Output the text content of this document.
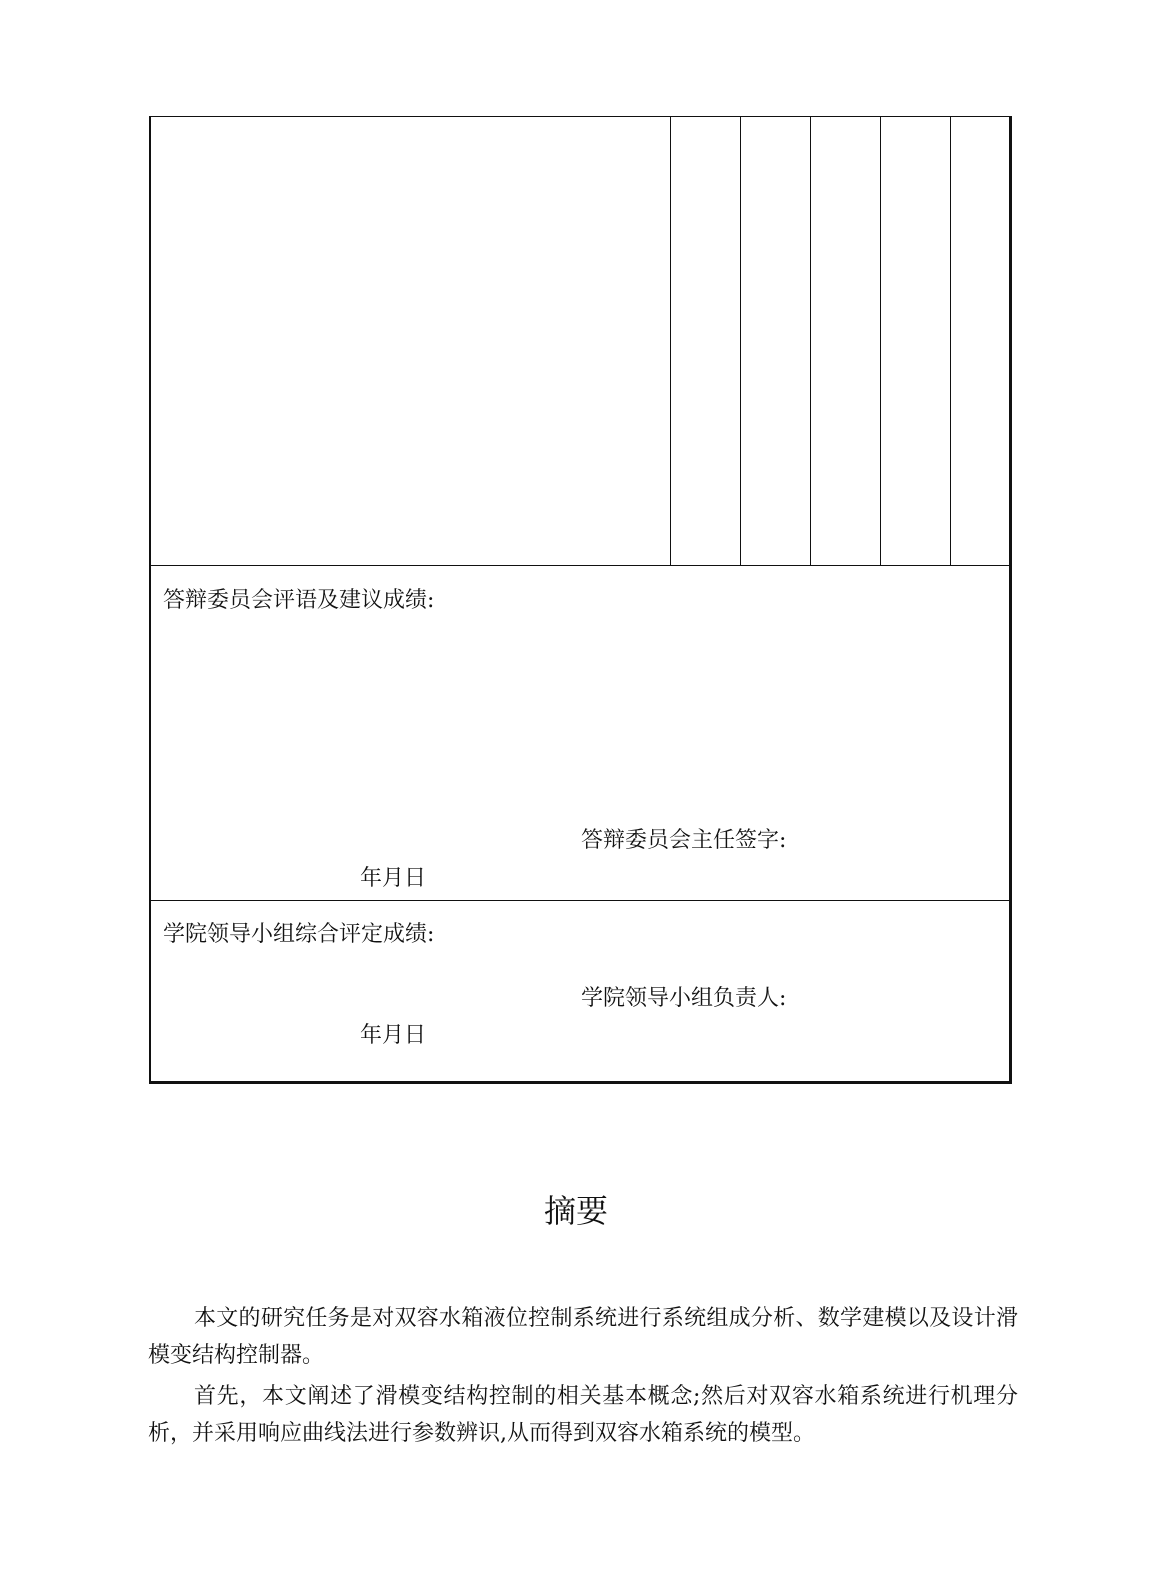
答辩委员会评语及建议成绩:
答辩委员会主任签字:
年月日
学院领导小组综合评定成绩:
学院领导小组负责人:
年月日
摘要

本文的研究任务是对双容水箱液位控制系统进行系统组成分析、数学建模以及设计滑模变结构控制器。

首先，本文阐述了滑模变结构控制的相关基本概念;然后对双容水箱系统进行机理分析，并采用响应曲线法进行参数辨识,从而得到双容水箱系统的模型。
